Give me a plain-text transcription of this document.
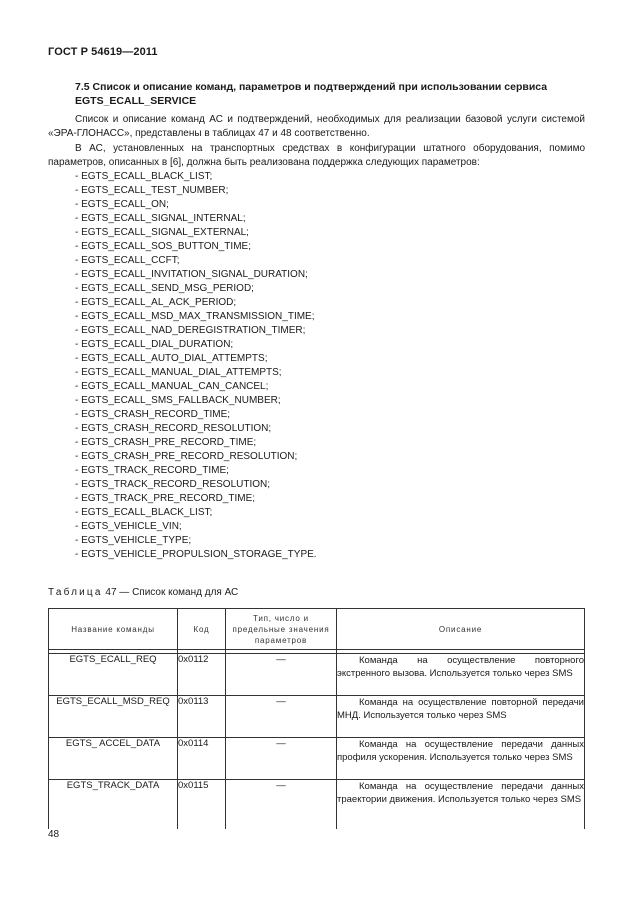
ГОСТ Р 54619—2011
7.5 Список и описание команд, параметров и подтверждений при использовании сервиса
EGTS_ECALL_SERVICE
Список и описание команд АС и подтверждений, необходимых для реализации базовой услуги системой «ЭРА-ГЛОНАСС», представлены в таблицах 47 и 48 соответственно.
В АС, установленных на транспортных средствах в конфигурации штатного оборудования, помимо параметров, описанных в [6], должна быть реализована поддержка следующих параметров:
- EGTS_ECALL_BLACK_LIST;
- EGTS_ECALL_TEST_NUMBER;
- EGTS_ECALL_ON;
- EGTS_ECALL_SIGNAL_INTERNAL;
- EGTS_ECALL_SIGNAL_EXTERNAL;
- EGTS_ECALL_SOS_BUTTON_TIME;
- EGTS_ECALL_CCFT;
- EGTS_ECALL_INVITATION_SIGNAL_DURATION;
- EGTS_ECALL_SEND_MSG_PERIOD;
- EGTS_ECALL_AL_ACK_PERIOD;
- EGTS_ECALL_MSD_MAX_TRANSMISSION_TIME;
- EGTS_ECALL_NAD_DEREGISTRATION_TIMER;
- EGTS_ECALL_DIAL_DURATION;
- EGTS_ECALL_AUTO_DIAL_ATTEMPTS;
- EGTS_ECALL_MANUAL_DIAL_ATTEMPTS;
- EGTS_ECALL_MANUAL_CAN_CANCEL;
- EGTS_ECALL_SMS_FALLBACK_NUMBER;
- EGTS_CRASH_RECORD_TIME;
- EGTS_CRASH_RECORD_RESOLUTION;
- EGTS_CRASH_PRE_RECORD_TIME;
- EGTS_CRASH_PRE_RECORD_RESOLUTION;
- EGTS_TRACK_RECORD_TIME;
- EGTS_TRACK_RECORD_RESOLUTION;
- EGTS_TRACK_PRE_RECORD_TIME;
- EGTS_ECALL_BLACK_LIST;
- EGTS_VEHICLE_VIN;
- EGTS_VEHICLE_TYPE;
- EGTS_VEHICLE_PROPULSION_STORAGE_TYPE.
Таблица 47 — Список команд для АС
Название команды	Код	Тип, число и предельные значения параметров	Описание

EGTS_ECALL_REQ	0x0112	—	Команда на осуществление повторного экстренного вызова. Используется только через SMS

EGTS_ECALL_MSD_REQ	0x0113	—	Команда на осуществление повторной передачи МНД. Используется только через SMS

EGTS_ ACCEL_DATA	0x0114	—	Команда на осуществление передачи данных профиля ускорения. Используется только через SMS

EGTS_TRACK_DATA	0x0115	—	Команда на осуществление передачи данных траектории движения. Используется только через SMS
48
